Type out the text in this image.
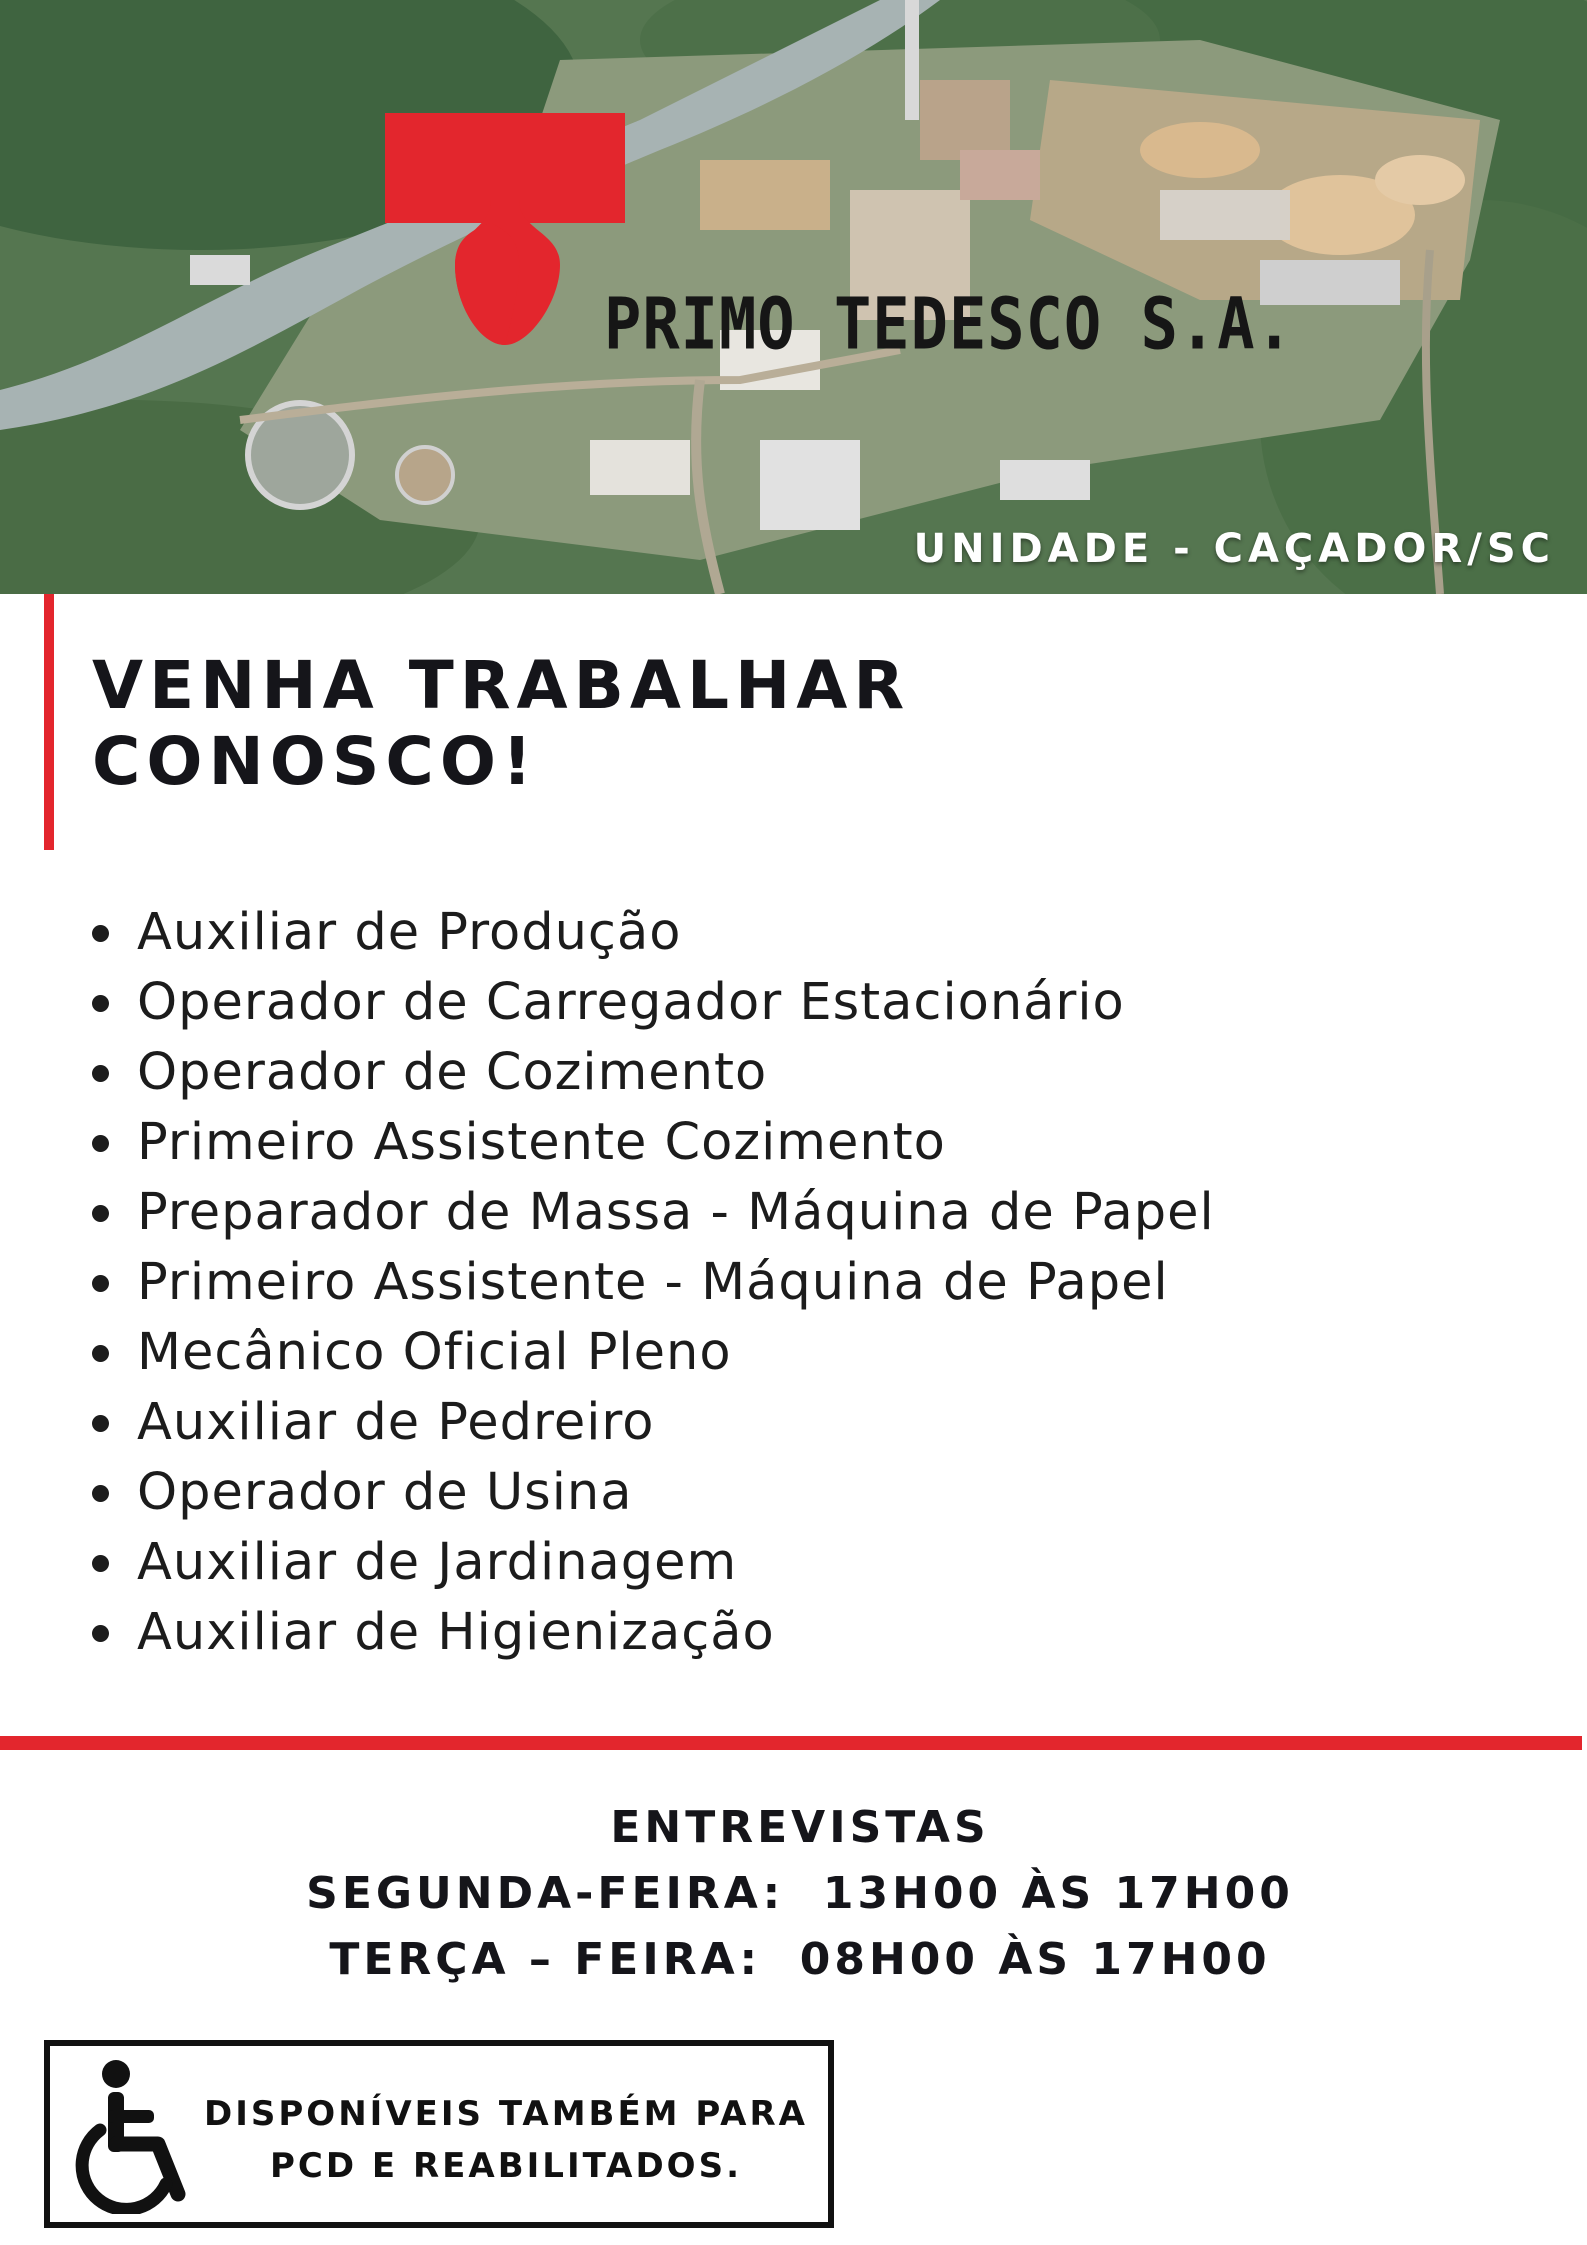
PRIMO TEDESCO S.A.
UNIDADE - CAÇADOR/SC
VENHA TRABALHAR
CONOSCO!
Auxiliar de Produção
Operador de Carregador Estacionário
Operador de Cozimento
Primeiro Assistente Cozimento
Preparador de Massa - Máquina de Papel
Primeiro Assistente - Máquina de Papel
Mecânico Oficial Pleno
Auxiliar de Pedreiro
Operador de Usina
Auxiliar de Jardinagem
Auxiliar de Higienização
ENTREVISTAS
SEGUNDA-FEIRA:  13H00 ÀS 17H00
TERÇA – FEIRA:  08H00 ÀS 17H00
DISPONÍVEIS TAMBÉM PARA
PCD E REABILITADOS.
